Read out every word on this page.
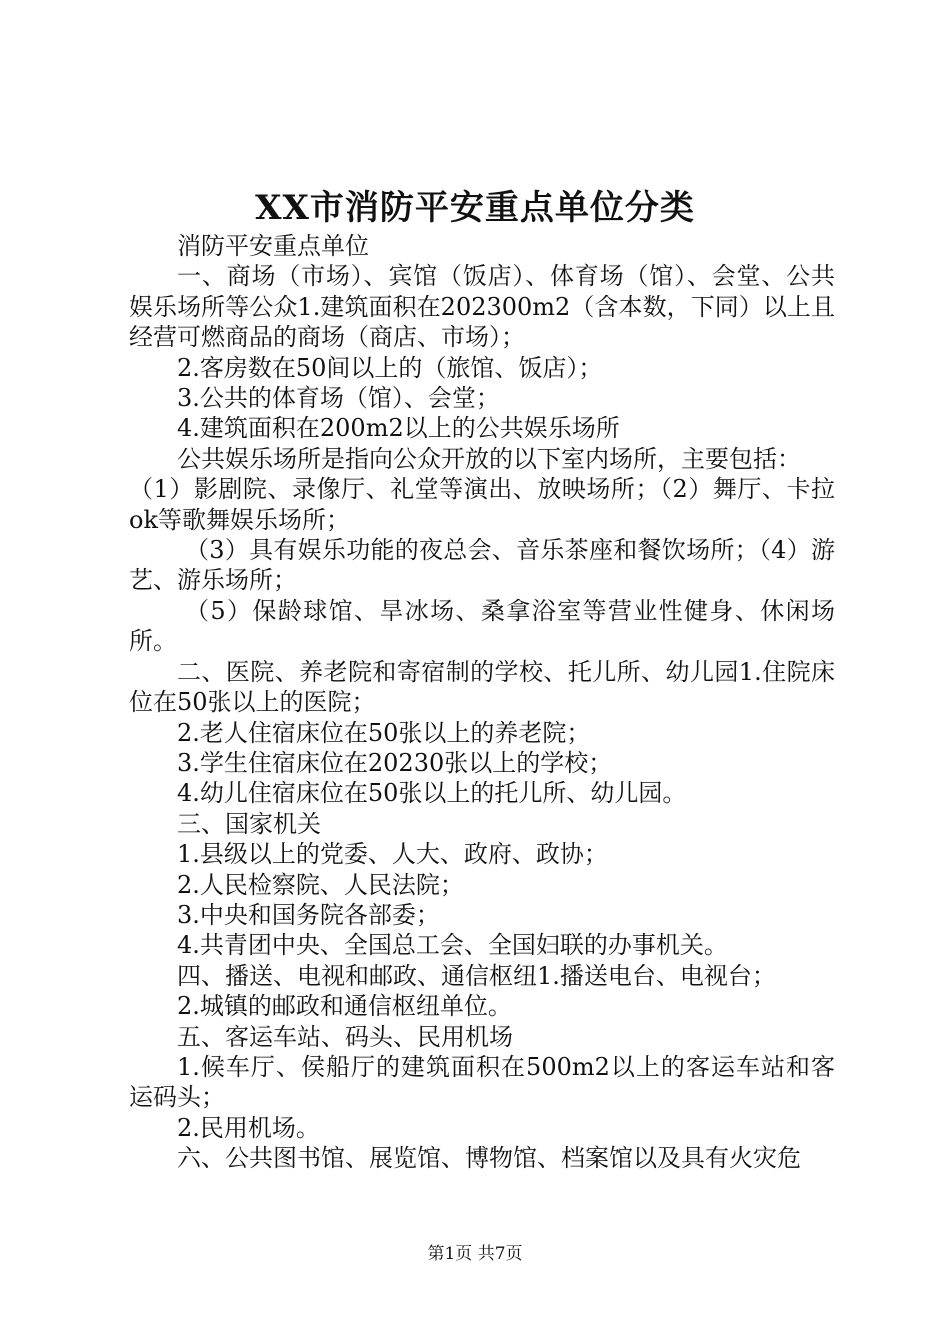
XX市消防平安重点单位分类

消防平安重点单位

一、商场（市场）、宾馆（饭店）、体育场（馆）、会堂、公共娱乐场所等公众1.建筑面积在202300m2（含本数，下同）以上且经营可燃商品的商场（商店、市场）；

2.客房数在50间以上的（旅馆、饭店）；

3.公共的体育场（馆）、会堂；

4.建筑面积在200m2以上的公共娱乐场所

公共娱乐场所是指向公众开放的以下室内场所，主要包括：

（1）影剧院、录像厅、礼堂等演出、放映场所；（2）舞厅、卡拉ok等歌舞娱乐场所；

（3）具有娱乐功能的夜总会、音乐茶座和餐饮场所；（4）游艺、游乐场所；

（5）保龄球馆、旱冰场、桑拿浴室等营业性健身、休闲场所。

二、医院、养老院和寄宿制的学校、托儿所、幼儿园1.住院床位在50张以上的医院；

2.老人住宿床位在50张以上的养老院；

3.学生住宿床位在20230张以上的学校；

4.幼儿住宿床位在50张以上的托儿所、幼儿园。

三、国家机关

1.县级以上的党委、人大、政府、政协；

2.人民检察院、人民法院；

3.中央和国务院各部委；

4.共青团中央、全国总工会、全国妇联的办事机关。

四、播送、电视和邮政、通信枢纽1.播送电台、电视台；

2.城镇的邮政和通信枢纽单位。

五、客运车站、码头、民用机场

1.候车厅、侯船厅的建筑面积在500m2以上的客运车站和客运码头；

2.民用机场。

六、公共图书馆、展览馆、博物馆、档案馆以及具有火灾危

第1页 共7页
